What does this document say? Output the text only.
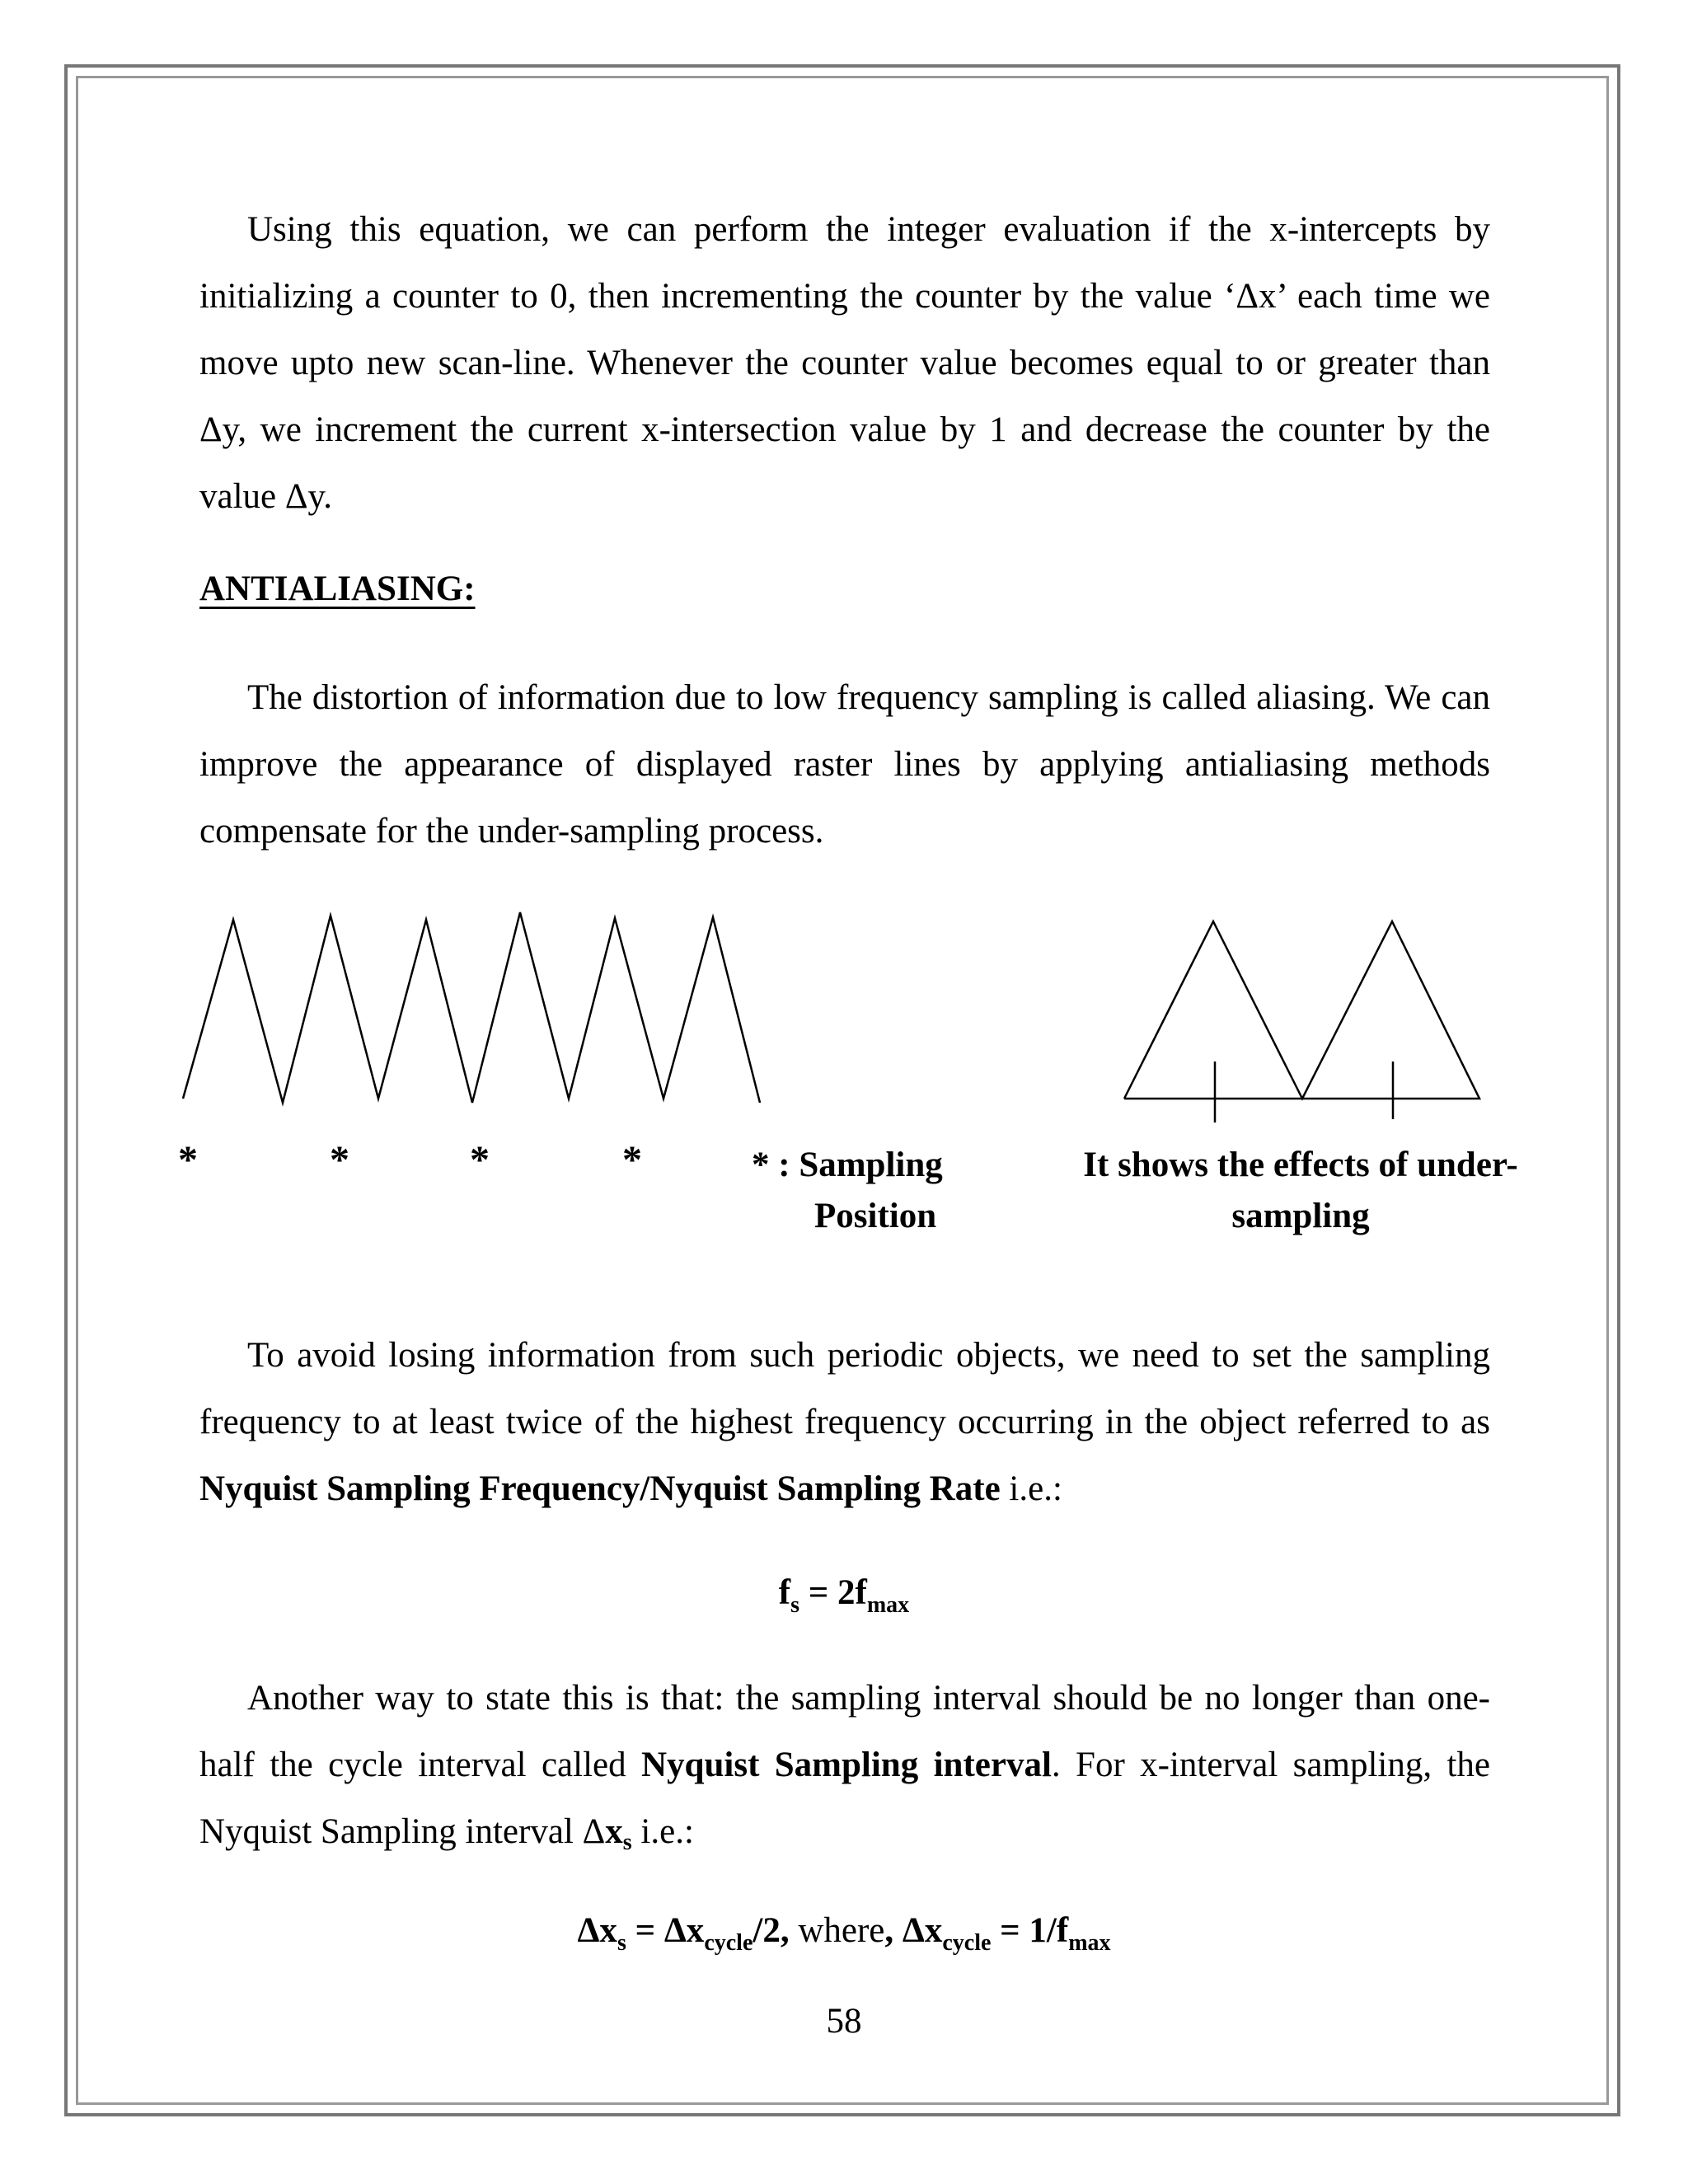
Using this equation, we can perform the integer evaluation if the x-intercepts by initializing a counter to 0, then incrementing the counter by the value ‘Δx’ each time we move upto new scan-line. Whenever the counter value becomes equal to or greater than Δy, we increment the current x-intersection value by 1 and decrease the counter by the value Δy.

ANTIALIASING:

The distortion of information due to low frequency sampling is called aliasing. We can improve the appearance of displayed raster lines by applying antialiasing methods compensate for the under-sampling process.

*	*	*	*	* : Sampling
Position
It shows the effects of under-
sampling

To avoid losing information from such periodic objects, we need to set the sampling frequency to at least twice of the highest frequency occurring in the object referred to as Nyquist Sampling Frequency/Nyquist Sampling Rate i.e.:

$f_s = 2f_{max}$

Another way to state this is that: the sampling interval should be no longer than one-half the cycle interval called Nyquist Sampling interval. For x-interval sampling, the Nyquist Sampling interval $\Delta x_s$ i.e.:

$\Delta x_s = \Delta x_{cycle}/2$, where, $\Delta x_{cycle} = 1/f_{max}$

58
